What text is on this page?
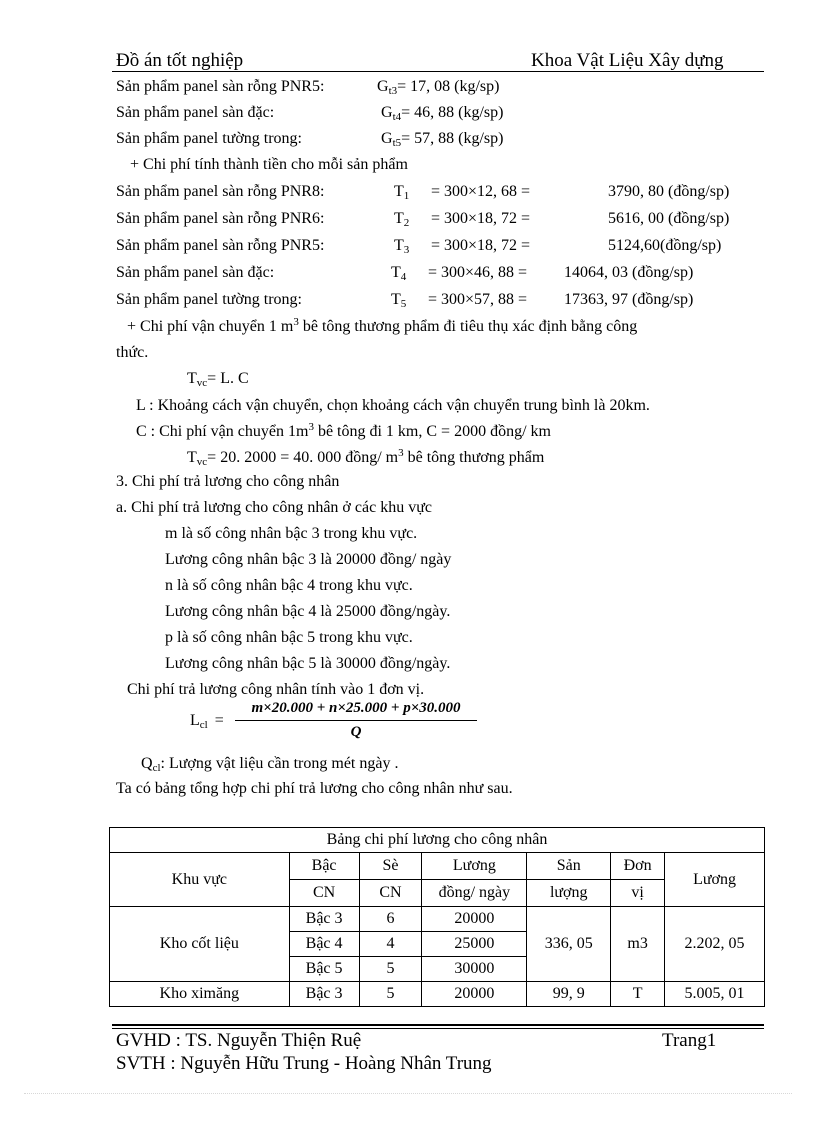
Đồ án tốt nghiệp	Khoa Vật Liệu Xây dựng
Sản phẩm panel sàn rỗng PNR5:	$G_{t3}= 17$, 08 (kg/sp)
Sản phẩm panel sàn đặc:	$G_{t4}= 46$, 88 (kg/sp)
Sản phẩm panel tường trong:	$G_{t5}= 57$, 88 (kg/sp)
+ Chi phí tính thành tiền cho mỗi sản phẩm
Sản phẩm panel sàn rỗng PNR8:	$T_1 = 300\times 12$, 68 =	3790, 80 (đồng/sp)
Sản phẩm panel sàn rỗng PNR6:	$T_2 = 300\times 18$, 72 =	5616, 00 (đồng/sp)
Sản phẩm panel sàn rỗng PNR5:	$T_3 = 300\times 18$, 72 =	5124,60(đồng/sp)
Sản phẩm panel sàn đặc:	$T_4 = 300\times 46$, 88 = 14064, 03 (đồng/sp)
Sản phẩm panel tường trong:	$T_5 = 300\times 57$, 88 = 17363, 97 (đồng/sp)
+ Chi phí vận chuyển 1 $m^3$ bê tông thương phẩm đi tiêu thụ xác định bằng công
thức.
$T_{vc}= L$. C
L : Khoảng cách vận chuyển, chọn khoảng cách vận chuyển trung bình là 20km.
C : Chi phí vận chuyển $1m^3$ bê tông đi 1 km, C = 2000 đồng/ km
$T_{vc}= 20$. 2000 = 40. 000 đồng/ $m^3$ bê tông thương phẩm
3. Chi phí trả lương cho công nhân
a. Chi phí trả lương cho công nhân ở các khu vực
m là số công nhân bậc 3 trong khu vực.
Lương công nhân bậc 3 là 20000 đồng/ ngày
n là số công nhân bậc 4 trong khu vực.
Lương công nhân bậc 4 là 25000 đồng/ngày.
p là số công nhân bậc 5 trong khu vực.
Lương công nhân bậc 5 là 30000 đồng/ngày.
Chi phí trả lương công nhân tính vào 1 đơn vị.
$L_{cl} = \frac{m\times 20.000 + n\times 25.000 + p\times 30.000}{Q}$
$Q_{cl}$: Lượng vật liệu cần trong mét ngày .
Ta có bảng tổng hợp chi phí trả lương cho công nhân như sau.
Bảng chi phí lương cho công nhân						
Khu vực	Bậc	Sè	Lương	Sản	Đơn	Lương
	CN	CN	đồng/ ngày	lượng	vị	
Kho cốt liệu	Bậc 3	6	20000	336, 05	m3	2.202, 05
	Bậc 4	4	25000			
	Bậc 5	5	30000			
Kho ximăng	Bậc 3	5	20000	99, 9	T	5.005, 01
GVHD : TS. Nguyễn Thiện Ruệ	Trang1
SVTH : Nguyễn Hữu Trung - Hoàng Nhân Trung
